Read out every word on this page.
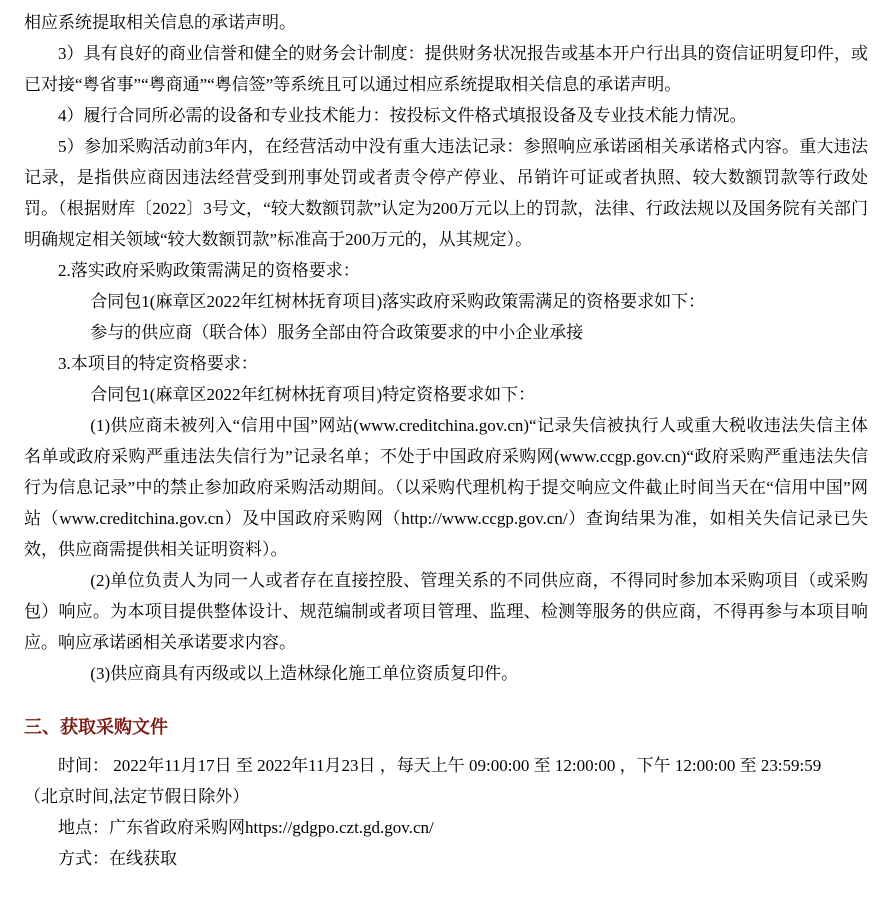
相应系统提取相关信息的承诺声明。

3）具有良好的商业信誉和健全的财务会计制度：提供财务状况报告或基本开户行出具的资信证明复印件，或已对接“粤省事”“粤商通”“粤信签”等系统且可以通过相应系统提取相关信息的承诺声明。

4）履行合同所必需的设备和专业技术能力：按投标文件格式填报设备及专业技术能力情况。

5）参加采购活动前3年内，在经营活动中没有重大违法记录：参照响应承诺函相关承诺格式内容。重大违法记录，是指供应商因违法经营受到刑事处罚或者责令停产停业、吊销许可证或者执照、较大数额罚款等行政处罚。（根据财库〔2022〕3号文，“较大数额罚款”认定为200万元以上的罚款，法律、行政法规以及国务院有关部门明确规定相关领域“较大数额罚款”标准高于200万元的，从其规定）。

2.落实政府采购政策需满足的资格要求：

合同包1(麻章区2022年红树林抚育项目)落实政府采购政策需满足的资格要求如下：

参与的供应商（联合体）服务全部由符合政策要求的中小企业承接

3.本项目的特定资格要求：

合同包1(麻章区2022年红树林抚育项目)特定资格要求如下：

(1)供应商未被列入“信用中国”网站(www.creditchina.gov.cn)“记录失信被执行人或重大税收违法失信主体名单或政府采购严重违法失信行为”记录名单；不处于中国政府采购网(www.ccgp.gov.cn)“政府采购严重违法失信行为信息记录”中的禁止参加政府采购活动期间。（以采购代理机构于提交响应文件截止时间当天在“信用中国”网站（www.creditchina.gov.cn）及中国政府采购网（http://www.ccgp.gov.cn/）查询结果为准，如相关失信记录已失效，供应商需提供相关证明资料）。

(2)单位负责人为同一人或者存在直接控股、管理关系的不同供应商，不得同时参加本采购项目（或采购包）响应。为本项目提供整体设计、规范编制或者项目管理、监理、检测等服务的供应商，不得再参与本项目响应。响应承诺函相关承诺要求内容。

(3)供应商具有丙级或以上造林绿化施工单位资质复印件。

三、获取采购文件

时间： 2022年11月17日 至 2022年11月23日 ，每天上午 09:00:00 至 12:00:00 ，下午 12:00:00 至 23:59:59

（北京时间,法定节假日除外）

地点：广东省政府采购网https://gdgpo.czt.gd.gov.cn/

方式：在线获取
